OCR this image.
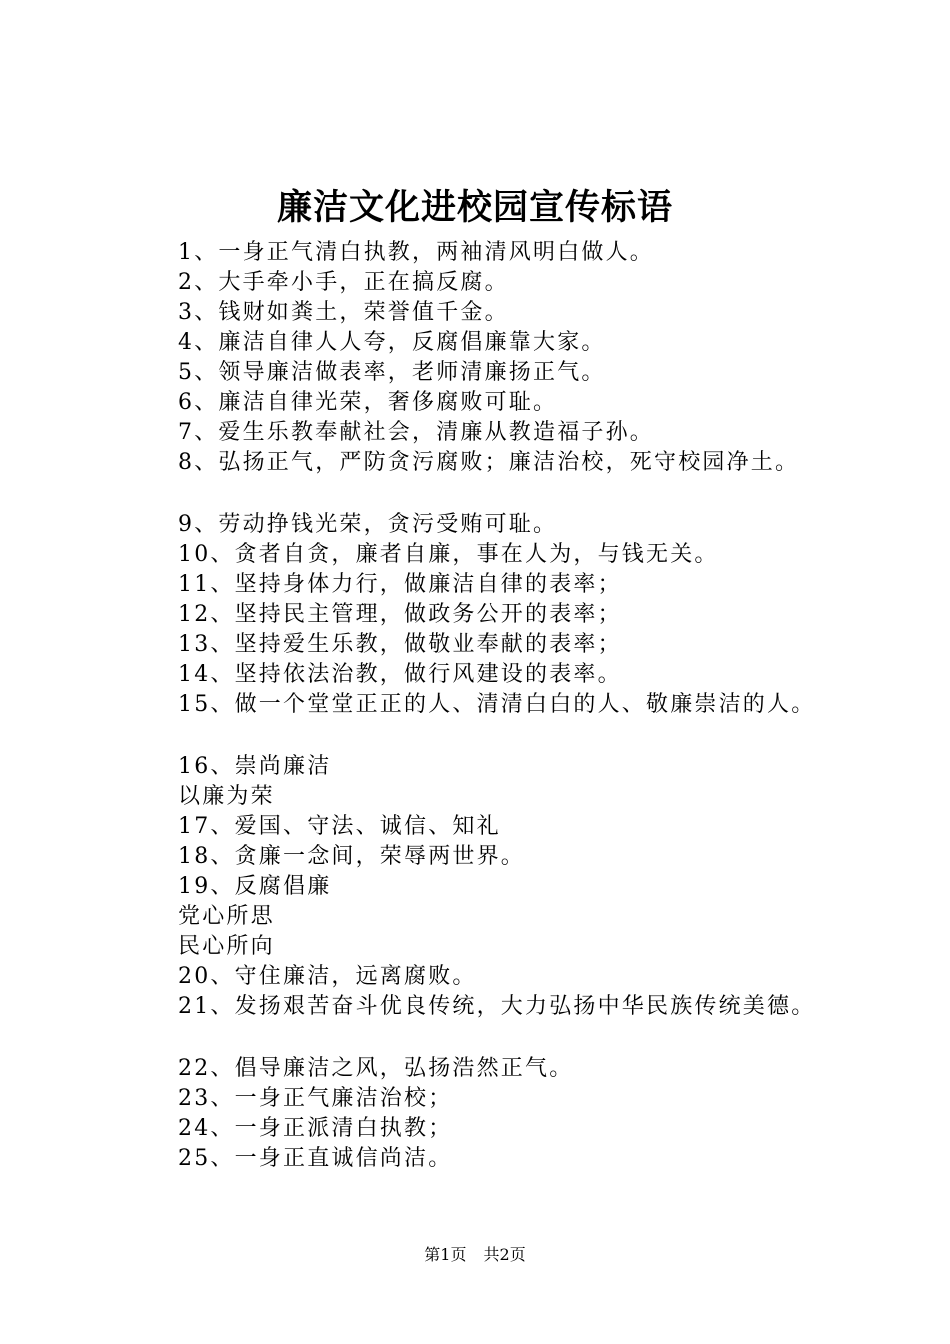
廉洁文化进校园宣传标语
1、一身正气清白执教，两袖清风明白做人。
2、大手牵小手，正在搞反腐。
3、钱财如粪土，荣誉值千金。
4、廉洁自律人人夸，反腐倡廉靠大家。
5、领导廉洁做表率，老师清廉扬正气。
6、廉洁自律光荣，奢侈腐败可耻。
7、爱生乐教奉献社会，清廉从教造福子孙。
8、弘扬正气，严防贪污腐败；廉洁治校，死守校园净土。
9、劳动挣钱光荣，贪污受贿可耻。
10、贪者自贪，廉者自廉，事在人为，与钱无关。
11、坚持身体力行，做廉洁自律的表率；
12、坚持民主管理，做政务公开的表率；
13、坚持爱生乐教，做敬业奉献的表率；
14、坚持依法治教，做行风建设的表率。
15、做一个堂堂正正的人、清清白白的人、敬廉崇洁的人。
16、崇尚廉洁
以廉为荣
17、爱国、守法、诚信、知礼
18、贪廉一念间，荣辱两世界。
19、反腐倡廉
党心所思
民心所向
20、守住廉洁，远离腐败。
21、发扬艰苦奋斗优良传统，大力弘扬中华民族传统美德。
22、倡导廉洁之风，弘扬浩然正气。
23、一身正气廉洁治校；
24、一身正派清白执教；
25、一身正直诚信尚洁。
第1页 共2页
